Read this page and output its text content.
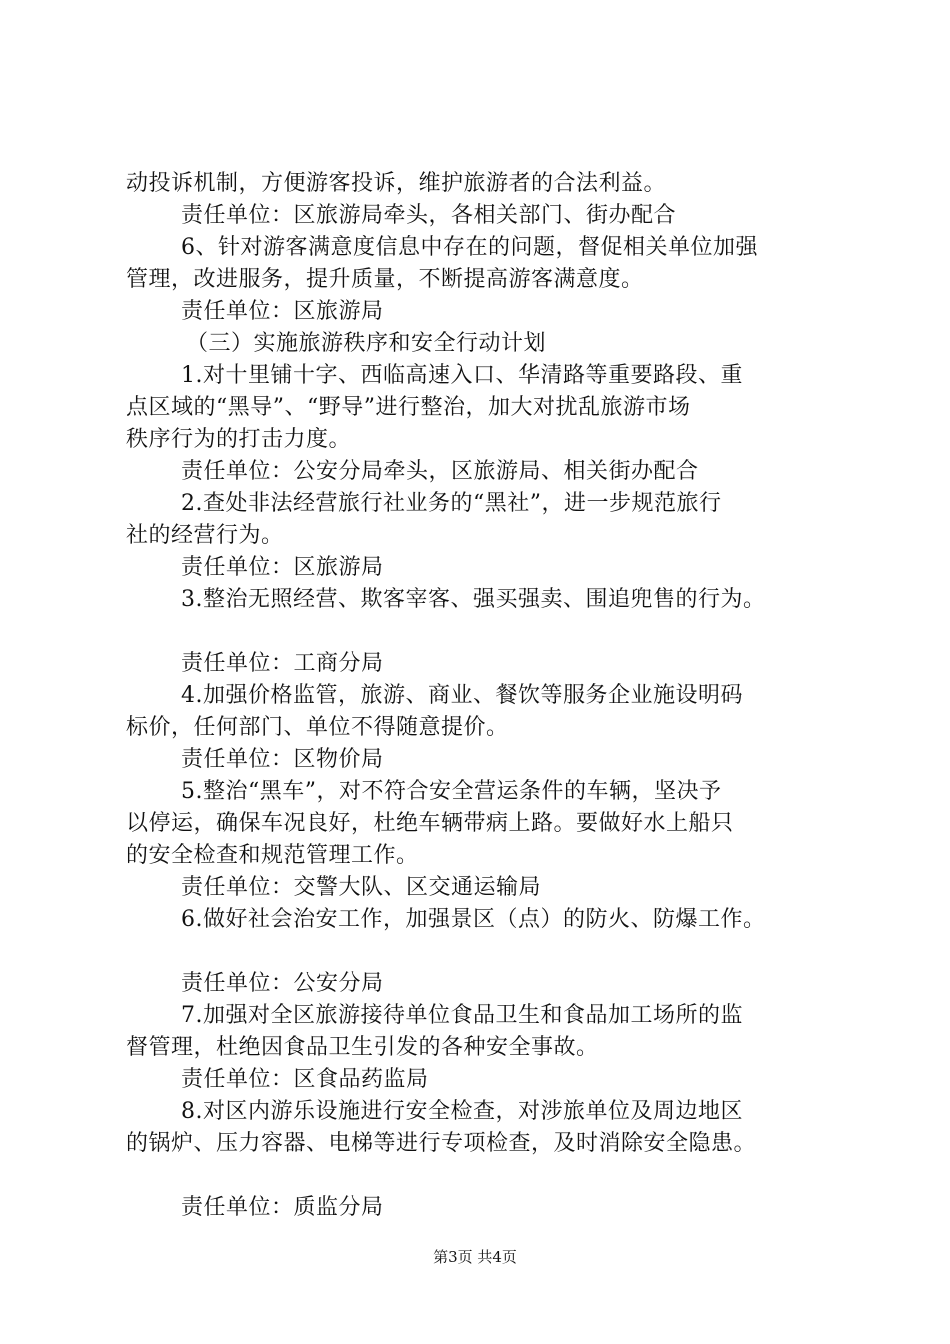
动投诉机制，方便游客投诉，维护旅游者的合法利益。
责任单位：区旅游局牵头，各相关部门、街办配合
6、针对游客满意度信息中存在的问题，督促相关单位加强
管理，改进服务，提升质量，不断提高游客满意度。
责任单位：区旅游局
（三）实施旅游秩序和安全行动计划
1.对十里铺十字、西临高速入口、华清路等重要路段、重
点区域的“黑导”、“野导”进行整治，加大对扰乱旅游市场
秩序行为的打击力度。
责任单位：公安分局牵头，区旅游局、相关街办配合
2.查处非法经营旅行社业务的“黑社”，进一步规范旅行
社的经营行为。
责任单位：区旅游局
3.整治无照经营、欺客宰客、强买强卖、围追兜售的行为。
责任单位：工商分局
4.加强价格监管，旅游、商业、餐饮等服务企业施设明码
标价，任何部门、单位不得随意提价。
责任单位：区物价局
5.整治“黑车”，对不符合安全营运条件的车辆，坚决予
以停运，确保车况良好，杜绝车辆带病上路。要做好水上船只
的安全检查和规范管理工作。
责任单位：交警大队、区交通运输局
6.做好社会治安工作，加强景区（点）的防火、防爆工作。
责任单位：公安分局
7.加强对全区旅游接待单位食品卫生和食品加工场所的监
督管理，杜绝因食品卫生引发的各种安全事故。
责任单位：区食品药监局
8.对区内游乐设施进行安全检查，对涉旅单位及周边地区
的锅炉、压力容器、电梯等进行专项检查，及时消除安全隐患。
责任单位：质监分局
第3页 共4页
